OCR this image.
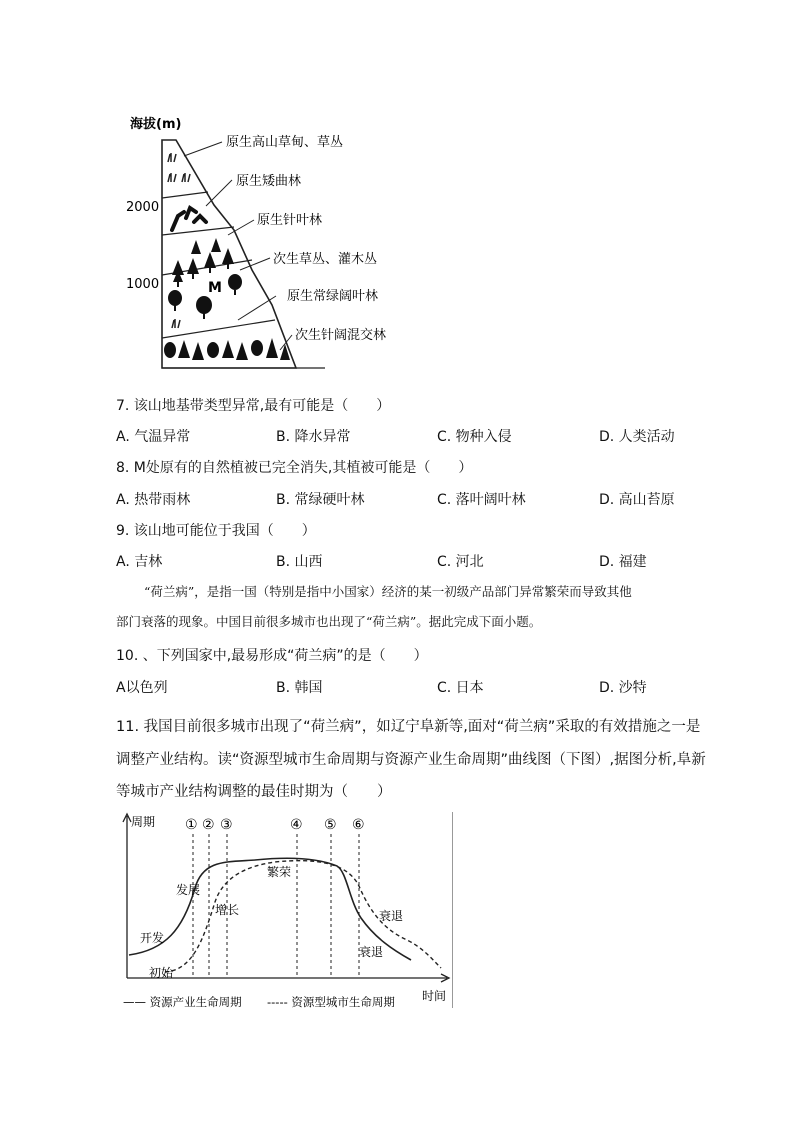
海拔(m)
2000
1000	M
原生高山草甸、草丛
原生矮曲林
原生针叶林
次生草丛、灌木丛
原生常绿阔叶林
次生针阔混交林
7. 该山地基带类型异常,最有可能是（　　）
A. 气温异常	B. 降水异常	C. 物种入侵	D. 人类活动
8. M处原有的自然植被已完全消失,其植被可能是（　　）
A. 热带雨林	B. 常绿硬叶林	C. 落叶阔叶林	D. 高山苔原
9. 该山地可能位于我国（　　）
A. 吉林	B. 山西	C. 河北	D. 福建
“荷兰病”，是指一国（特别是指中小国家）经济的某一初级产品部门异常繁荣而导致其他
部门衰落的现象。中国目前很多城市也出现了“荷兰病”。据此完成下面小题。
10. 、下列国家中,最易形成“荷兰病”的是（　　）
A以色列	B. 韩国	C. 日本	D. 沙特
11. 我国目前很多城市出现了“荷兰病”，如辽宁阜新等,面对“荷兰病”采取的有效措施之一是
调整产业结构。读“资源型城市生命周期与资源产业生命周期”曲线图（下图）,据图分析,阜新
等城市产业结构调整的最佳时期为（　　）
周期
时间
① ② ③	④ ⑤ ⑥
开发
发展
繁荣
衰退
初始
增长	衰退
—— 资源产业生命周期 ----- 资源型城市生命周期
